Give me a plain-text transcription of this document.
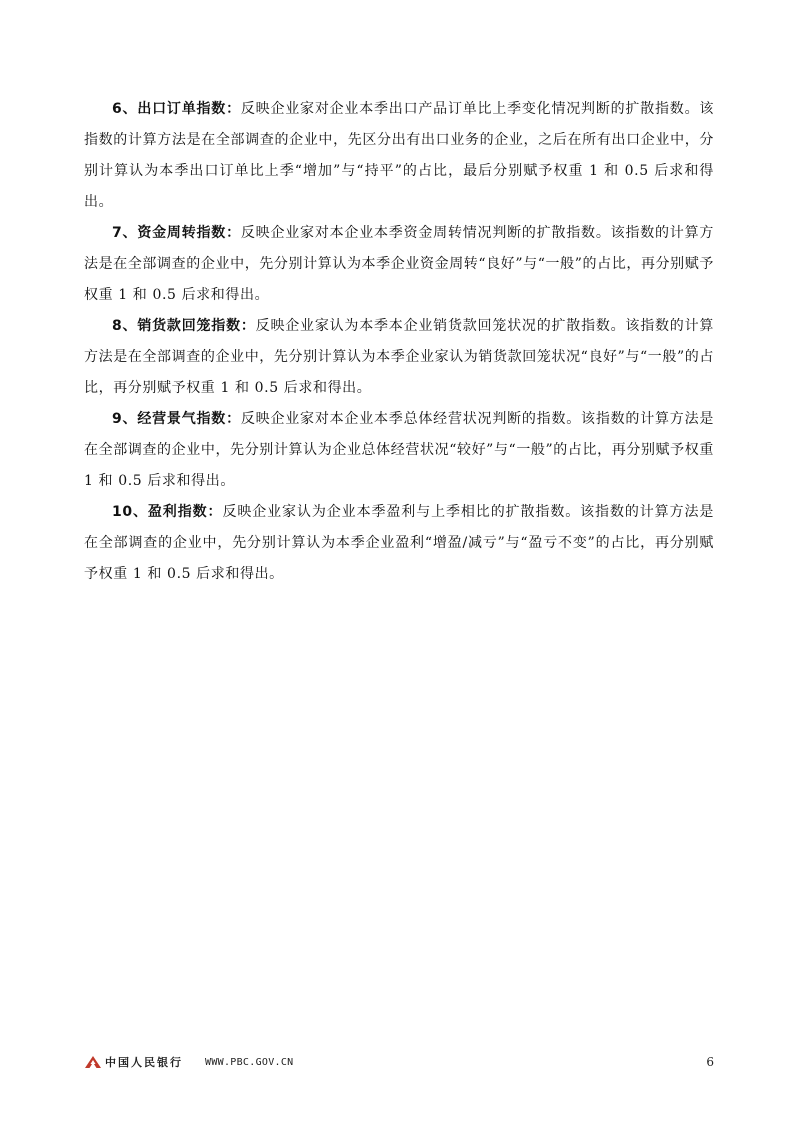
6、出口订单指数：反映企业家对企业本季出口产品订单比上季变化情况判断的扩散指数。该指数的计算方法是在全部调查的企业中，先区分出有出口业务的企业，之后在所有出口企业中，分别计算认为本季出口订单比上季“增加”与“持平”的占比，最后分别赋予权重 1 和 0.5 后求和得出。

7、资金周转指数：反映企业家对本企业本季资金周转情况判断的扩散指数。该指数的计算方法是在全部调查的企业中，先分别计算认为本季企业资金周转“良好”与“一般”的占比，再分别赋予权重 1 和 0.5 后求和得出。

8、销货款回笼指数：反映企业家认为本季本企业销货款回笼状况的扩散指数。该指数的计算方法是在全部调查的企业中，先分别计算认为本季企业家认为销货款回笼状况“良好”与“一般”的占比，再分别赋予权重 1 和 0.5 后求和得出。

9、经营景气指数：反映企业家对本企业本季总体经营状况判断的指数。该指数的计算方法是在全部调查的企业中，先分别计算认为企业总体经营状况“较好”与“一般”的占比，再分别赋予权重 1 和 0.5 后求和得出。

10、盈利指数：反映企业家认为企业本季盈利与上季相比的扩散指数。该指数的计算方法是在全部调查的企业中，先分别计算认为本季企业盈利“增盈/减亏”与“盈亏不变”的占比，再分别赋予权重 1 和 0.5 后求和得出。

中国人民银行 WWW.PBC.GOV.CN	6
